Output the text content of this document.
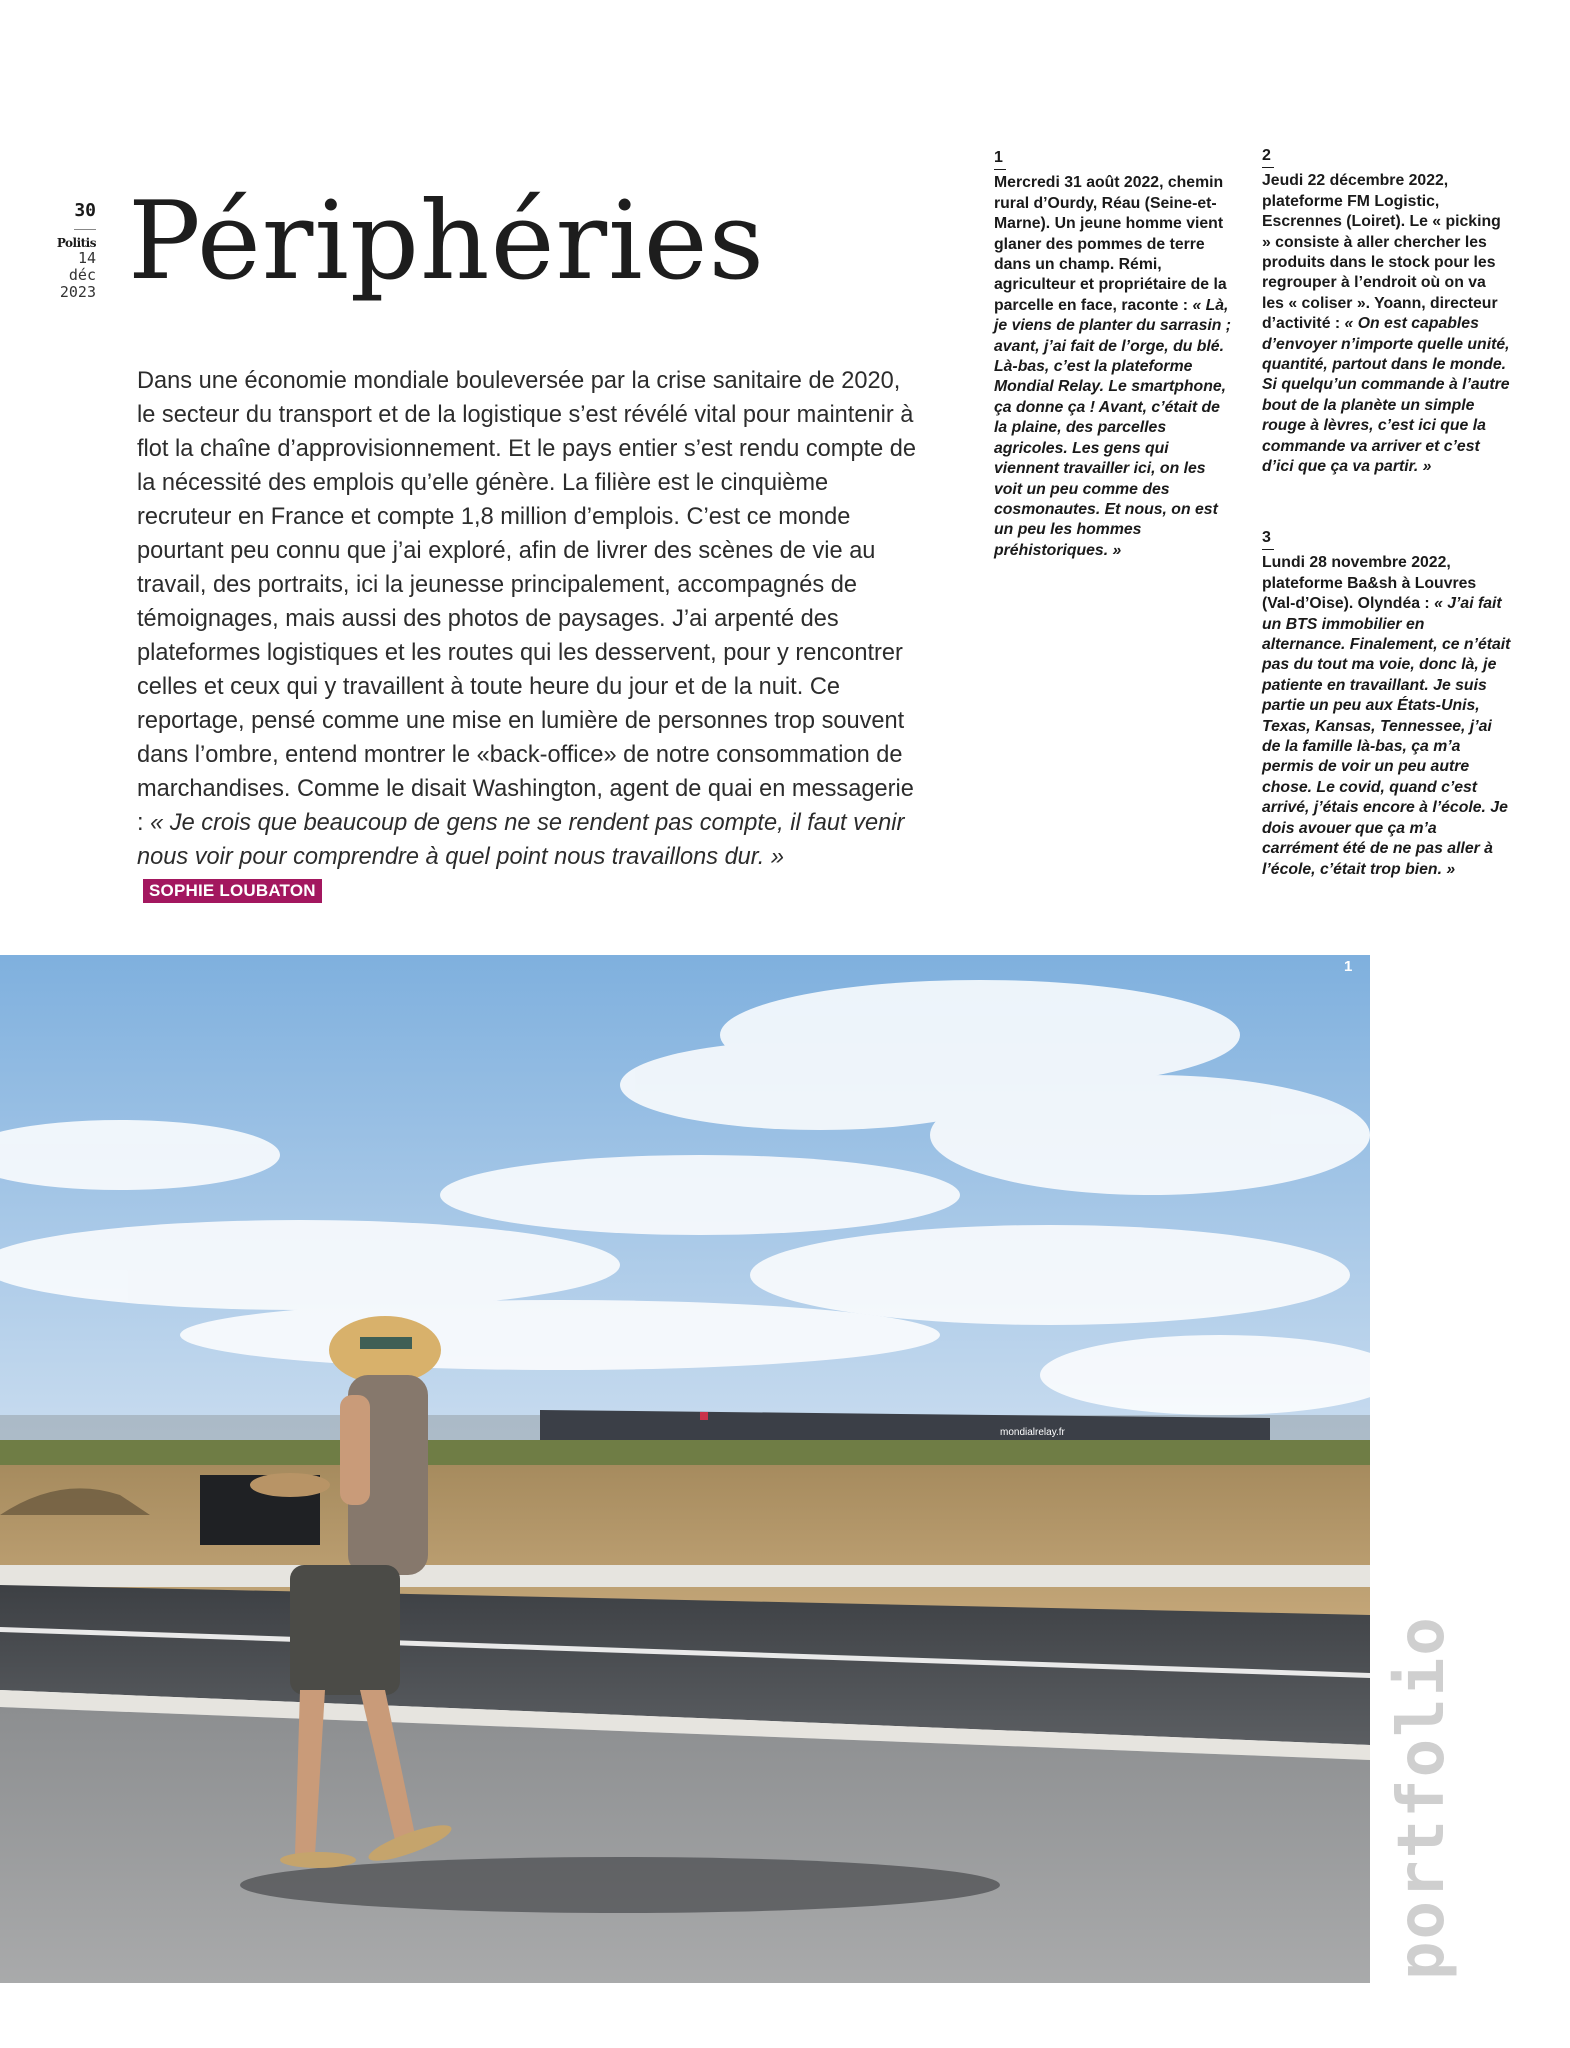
30
Politis
14
déc
2023 Périphéries

Dans une économie mondiale bouleversée par la crise sanitaire de 2020, le secteur du transport et de la logistique s’est révélé vital pour maintenir à flot la chaîne d’approvisionnement. Et le pays entier s’est rendu compte de la nécessité des emplois qu’elle génère. La filière est le cinquième recruteur en France et compte 1,8 million d’emplois. C’est ce monde pourtant peu connu que j’ai exploré, afin de livrer des scènes de vie au travail, des portraits, ici la jeunesse principalement, accompagnés de témoignages, mais aussi des photos de paysages. J’ai arpenté des plateformes logistiques et les routes qui les desservent, pour y rencontrer celles et ceux qui y travaillent à toute heure du jour et de la nuit. Ce reportage, pensé comme une mise en lumière de personnes trop souvent dans l’ombre, entend montrer le «back-office» de notre consommation de marchandises. Comme le disait Washington, agent de quai en messagerie : « Je crois que beaucoup de gens ne se rendent pas compte, il faut venir nous voir pour comprendre à quel point nous travaillons dur. »SOPHIE LOUBATON

1

Mercredi 31 août 2022, chemin rural d’Ourdy, Réau (Seine-et-Marne). Un jeune homme vient glaner des pommes de terre dans un champ. Rémi, agriculteur et propriétaire de la parcelle en face, raconte : « Là, je viens de planter du sarrasin ; avant, j’ai fait de l’orge, du blé. Là-bas, c’est la plateforme Mondial Relay. Le smartphone, ça donne ça ! Avant, c’était de la plaine, des parcelles agricoles. Les gens qui viennent travailler ici, on les voit un peu comme des cosmonautes. Et nous, on est un peu les hommes préhistoriques. »

2

Jeudi 22 décembre 2022, plateforme FM Logistic, Escrennes (Loiret). Le « picking » consiste à aller chercher les produits dans le stock pour les regrouper à l’endroit où on va les « coliser ». Yoann, directeur d’activité : « On est capables d’envoyer n’importe quelle unité, quantité, partout dans le monde. Si quelqu’un commande à l’autre bout de la planète un simple rouge à lèvres, c’est ici que la commande va arriver et c’est d’ici que ça va partir. »

3

Lundi 28 novembre 2022, plateforme Ba&sh à Louvres (Val-d’Oise). Olyndéa : « J’ai fait un BTS immobilier en alternance. Finalement, ce n’était pas du tout ma voie, donc là, je patiente en travaillant. Je suis partie un peu aux États-Unis, Texas, Kansas, Tennessee, j’ai de la famille là-bas, ça m’a permis de voir un peu autre chose. Le covid, quand c’est arrivé, j’étais encore à l’école. Je dois avouer que ça m’a carrément été de ne pas aller à l’école, c’était trop bien. »

mondialrelay.fr
1
portfolio
